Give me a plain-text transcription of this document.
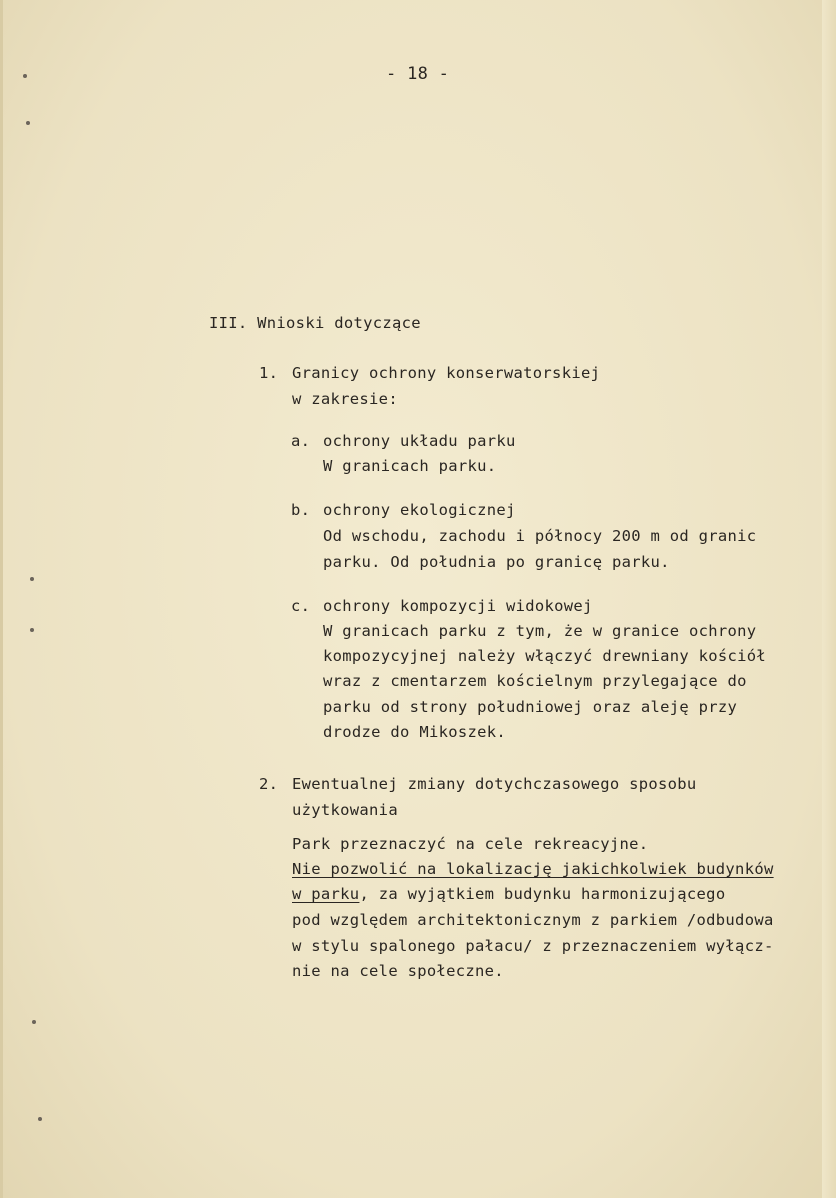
- 18 -
III. Wnioski dotyczące
1. Granicy ochrony konserwatorskiej
w zakresie:
a. ochrony układu parku
W granicach parku.
b. ochrony ekologicznej
Od wschodu, zachodu i północy 200 m od granic
parku. Od południa po granicę parku.
c. ochrony kompozycji widokowej
W granicach parku z tym, że w granice ochrony
kompozycyjnej należy włączyć drewniany kościół
wraz z cmentarzem kościelnym przylegające do
parku od strony południowej oraz aleję przy
drodze do Mikoszek.
2. Ewentualnej zmiany dotychczasowego sposobu
użytkowania
Park przeznaczyć na cele rekreacyjne.
Nie pozwolić na lokalizację jakichkolwiek budynków
w parku, za wyjątkiem budynku harmonizującego
pod względem architektonicznym z parkiem /odbudowa
w stylu spalonego pałacu/ z przeznaczeniem wyłącz-
nie na cele społeczne.
